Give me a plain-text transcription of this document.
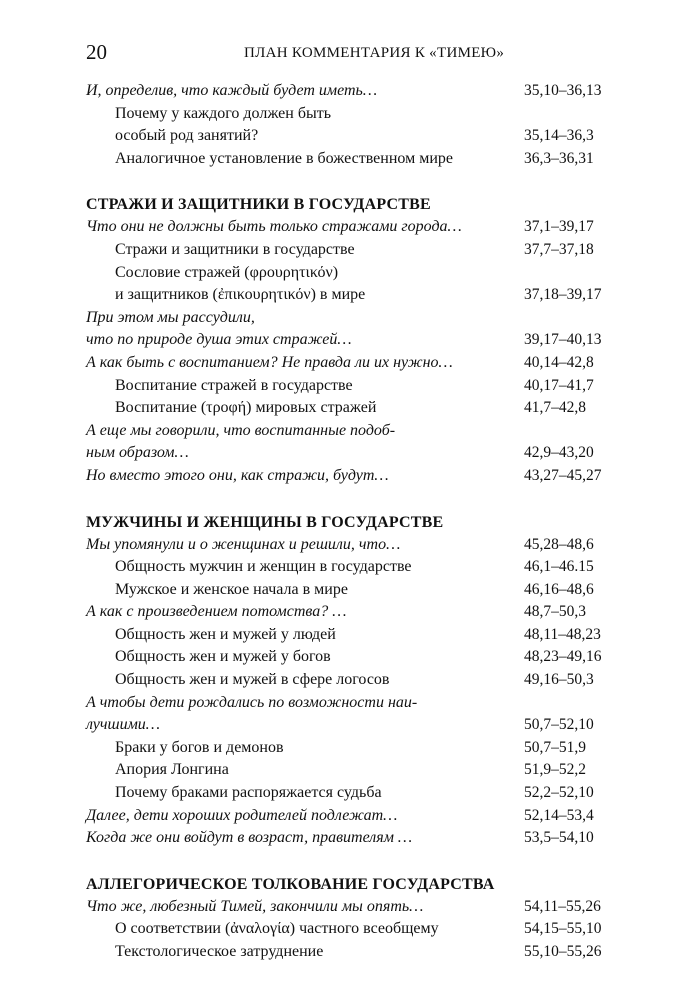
20	ПЛАН КОММЕНТАРИЯ К «ТИМЕЮ»
И, определив, что каждый будет иметь…	35,10–36,13
Почему у каждого должен быть
особый род занятий?	35,14–36,3
Аналогичное установление в божественном мире	36,3–36,31
СТРАЖИ И ЗАЩИТНИКИ В ГОСУДАРСТВЕ
Что они не должны быть только стражами города…	37,1–39,17
Стражи и защитники в государстве	37,7–37,18
Сословие стражей (φρουρητικόν)
и защитников (ἐπικουρητικόν) в мире	37,18–39,17
При этом мы рассудили,
что по природе душа этих стражей…	39,17–40,13
А как быть с воспитанием? Не правда ли их нужно…	40,14–42,8
Воспитание стражей в государстве	40,17–41,7
Воспитание (τροφή) мировых стражей	41,7–42,8
А еще мы говорили, что воспитанные подоб-
ным образом…	42,9–43,20
Но вместо этого они, как стражи, будут…	43,27–45,27
МУЖЧИНЫ И ЖЕНЩИНЫ В ГОСУДАРСТВЕ
Мы упомянули и о женщинах и решили, что…	45,28–48,6
Общность мужчин и женщин в государстве	46,1–46.15
Мужское и женское начала в мире	46,16–48,6
А как с произведением потомства? …	48,7–50,3
Общность жен и мужей у людей	48,11–48,23
Общность жен и мужей у богов	48,23–49,16
Общность жен и мужей в сфере логосов	49,16–50,3
А чтобы дети рождались по возможности наи-
лучшими…	50,7–52,10
Браки у богов и демонов	50,7–51,9
Апория Лонгина	51,9–52,2
Почему браками распоряжается судьба	52,2–52,10
Далее, дети хороших родителей подлежат…	52,14–53,4
Когда же они войдут в возраст, правителям …	53,5–54,10
АЛЛЕГОРИЧЕСКОЕ ТОЛКОВАНИЕ ГОСУДАРСТВА
Что же, любезный Тимей, закончили мы опять…	54,11–55,26
О соответствии (ἀναλογία) частного всеобщему	54,15–55,10
Текстологическое затруднение	55,10–55,26
